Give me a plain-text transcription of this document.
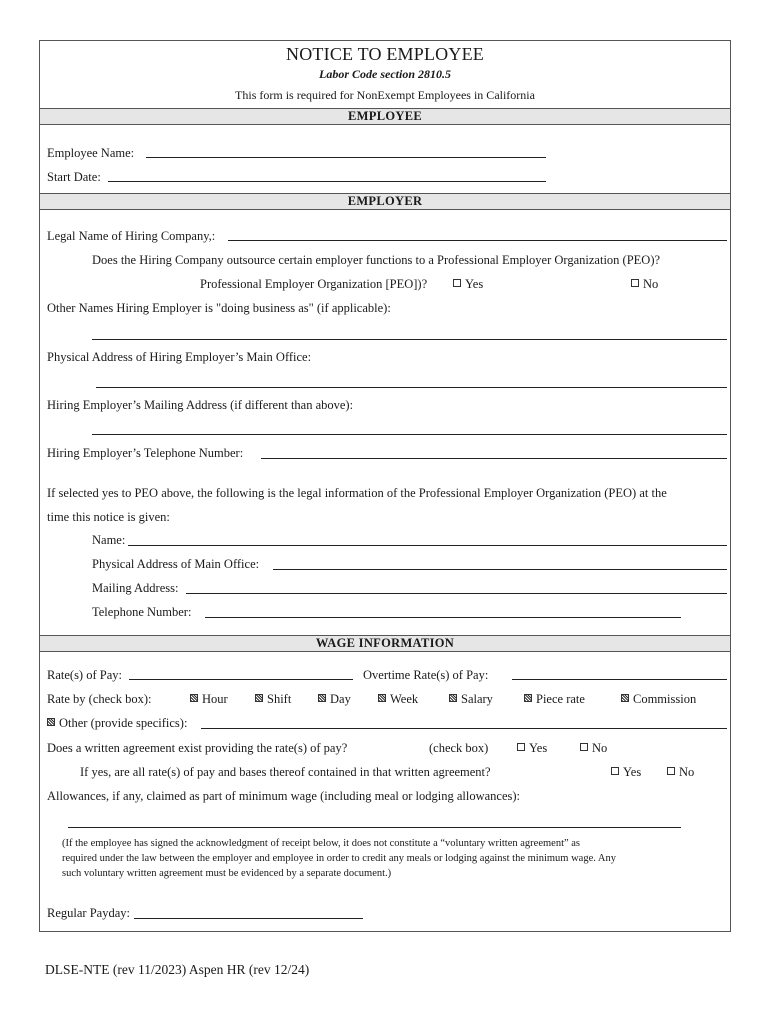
NOTICE TO EMPLOYEE
Labor Code section 2810.5
This form is required for NonExempt Employees in California
EMPLOYEE
Employee Name:
Start Date:
EMPLOYER
Legal Name of Hiring Company,:
Does the Hiring Company outsource certain employer functions to a Professional Employer Organization (PEO)?
Professional Employer Organization [PEO])?	Yes	No
Other Names Hiring Employer is "doing business as" (if applicable):
Physical Address of Hiring Employer’s Main Office:
Hiring Employer’s Mailing Address (if different than above):
Hiring Employer’s Telephone Number:
If selected yes to PEO above, the following is the legal information of the Professional Employer Organization (PEO) at the
time this notice is given:
Name:
Physical Address of Main Office:
Mailing Address:
Telephone Number:
WAGE INFORMATION
Rate(s) of Pay:	Overtime Rate(s) of Pay:
Rate by (check box):	Hour	Shift	Day	Week	Salary	Piece rate	Commission
Other (provide specifics):
Does a written agreement exist providing the rate(s) of pay?	(check box)	Yes	No
If yes, are all rate(s) of pay and bases thereof contained in that written agreement?	Yes	No
Allowances, if any, claimed as part of minimum wage (including meal or lodging allowances):
(If the employee has signed the acknowledgment of receipt below, it does not constitute a “voluntary written agreement” as
required under the law between the employer and employee in order to credit any meals or lodging against the minimum wage. Any
such voluntary written agreement must be evidenced by a separate document.)
Regular Payday:
DLSE-NTE (rev 11/2023) Aspen HR (rev 12/24)
